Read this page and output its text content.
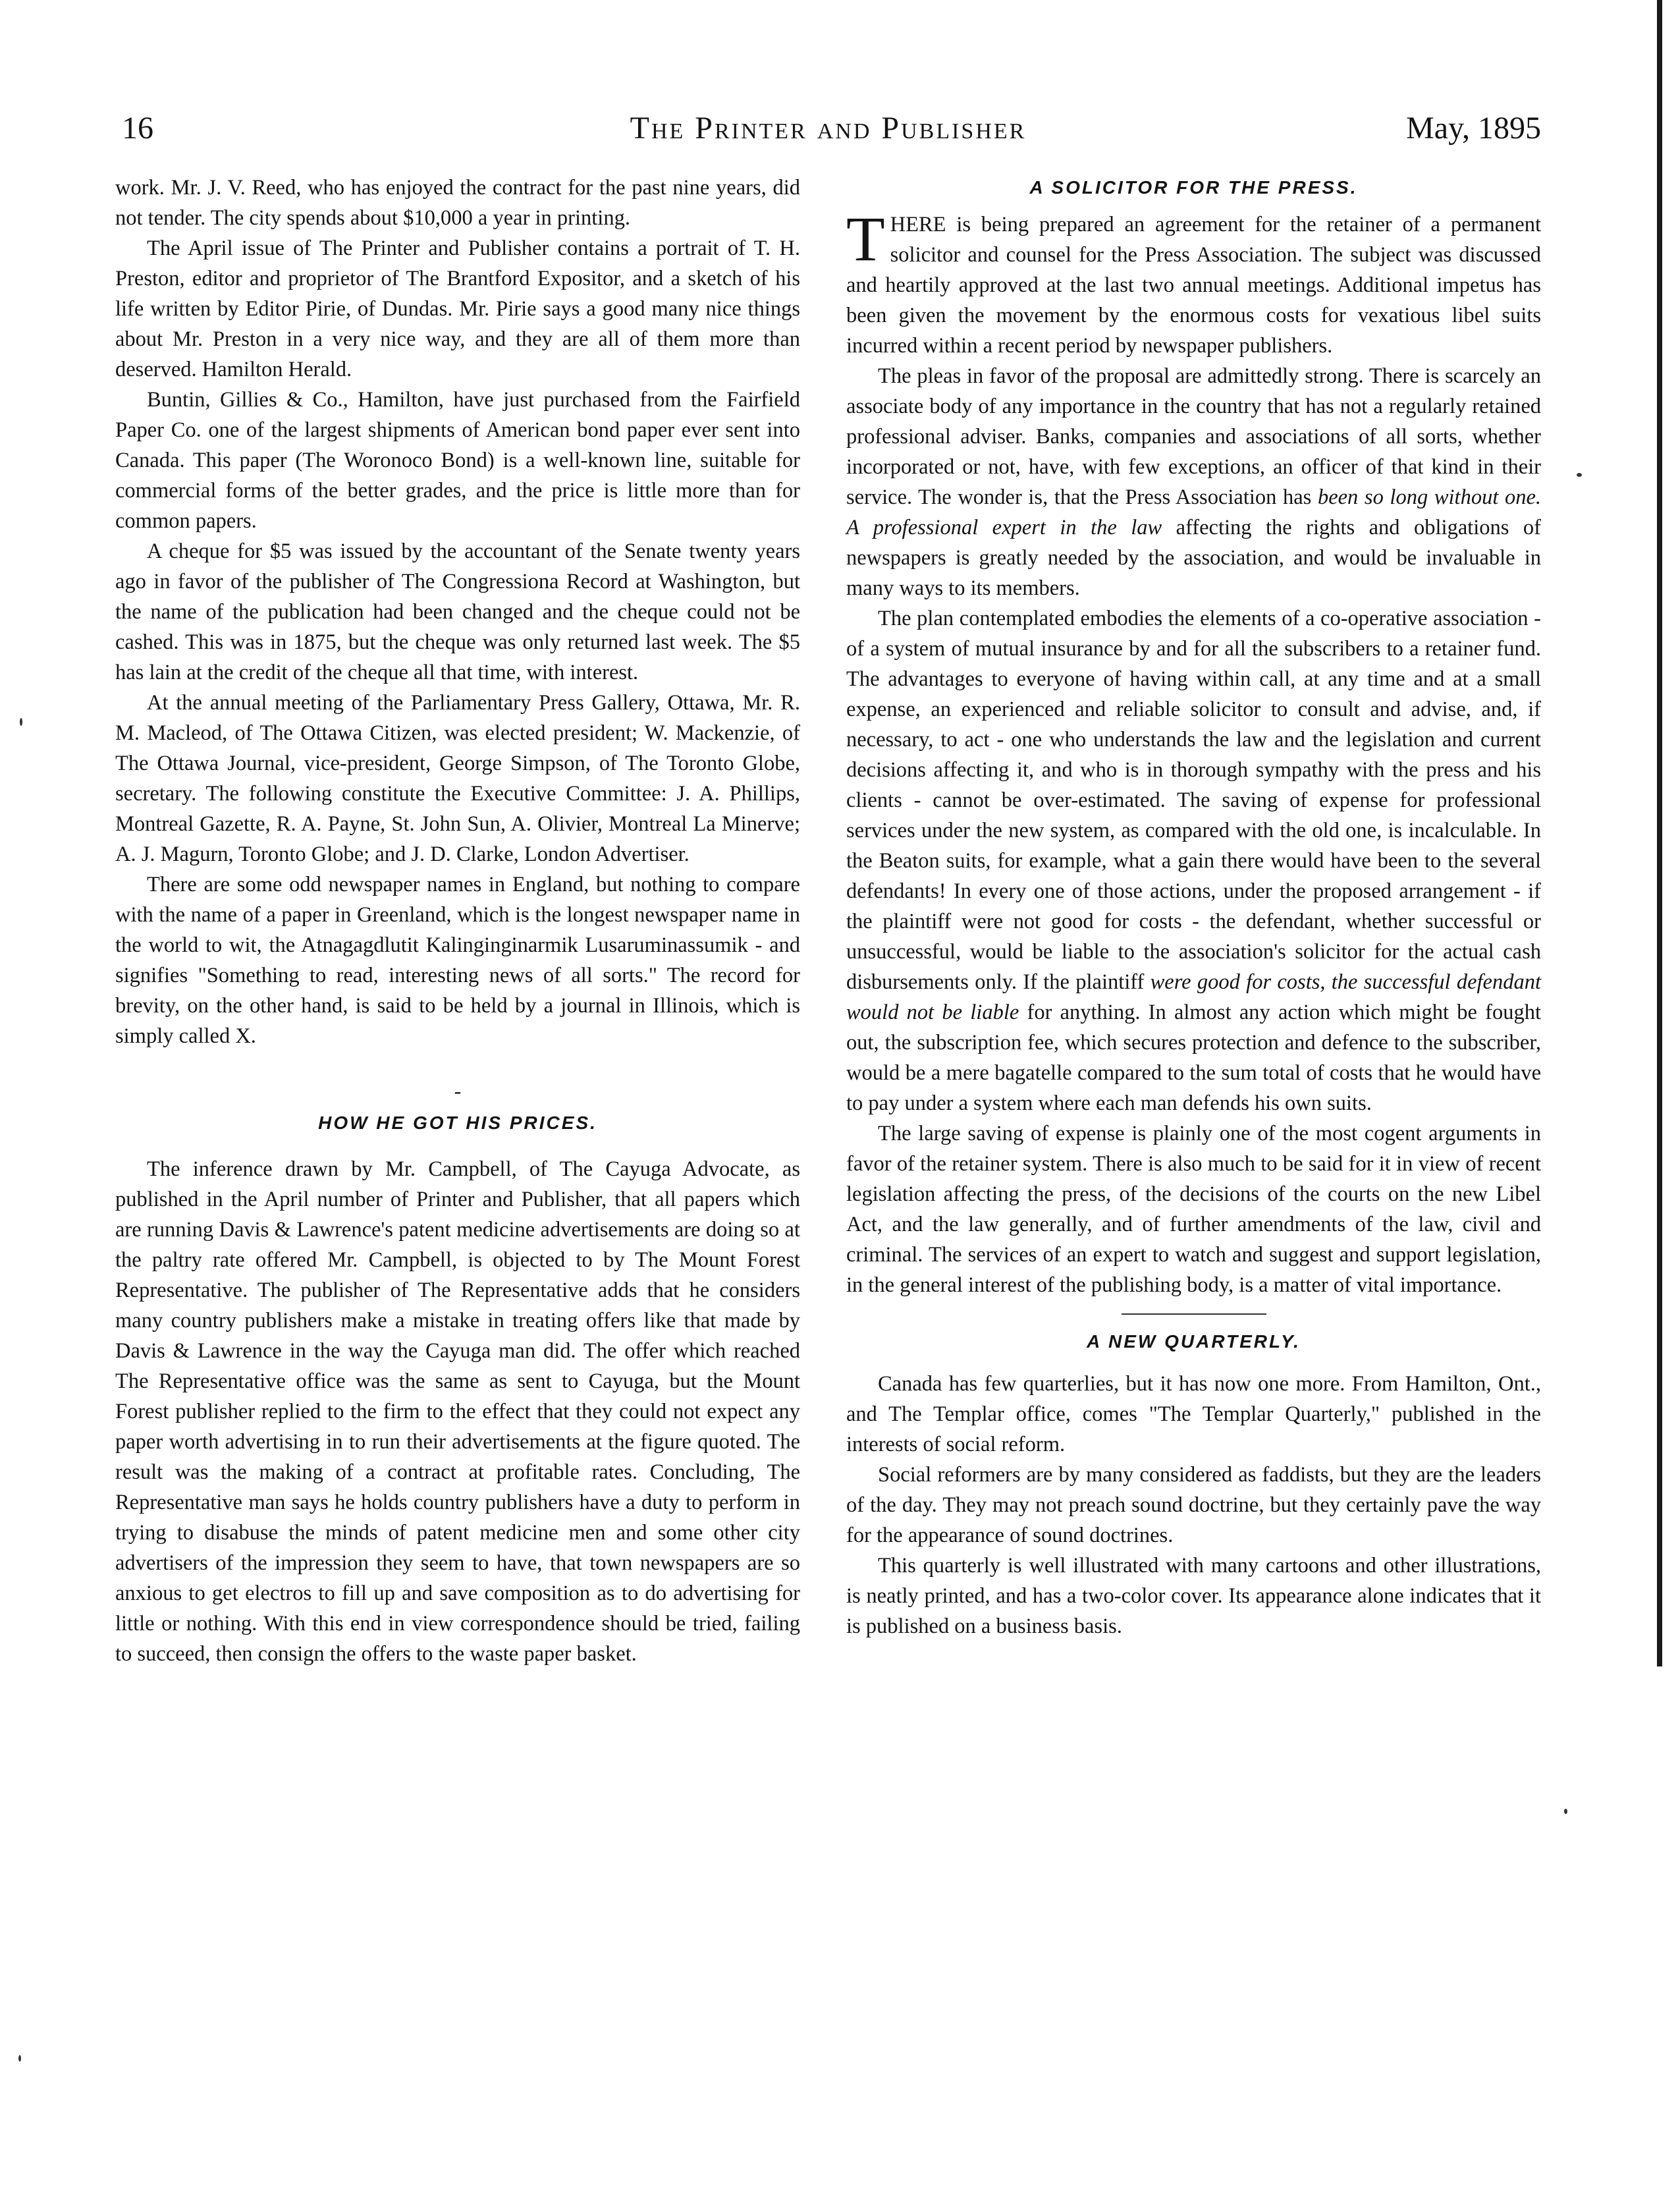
16	The Printer and Publisher	May, 1895

work. Mr. J. V. Reed, who has enjoyed the contract for the past nine years, did not tender. The city spends about $10,000 a year in printing.

The April issue of The Printer and Publisher contains a portrait of T. H. Preston, editor and proprietor of The Brantford Expositor, and a sketch of his life written by Editor Pirie, of Dundas. Mr. Pirie says a good many nice things about Mr. Preston in a very nice way, and they are all of them more than deserved. Hamilton Herald.

Buntin, Gillies & Co., Hamilton, have just purchased from the Fairfield Paper Co. one of the largest shipments of American bond paper ever sent into Canada. This paper (The Woronoco Bond) is a well-known line, suitable for commercial forms of the better grades, and the price is little more than for common papers.

A cheque for $5 was issued by the accountant of the Senate twenty years ago in favor of the publisher of The Congressiona Record at Washington, but the name of the publication had been changed and the cheque could not be cashed. This was in 1875, but the cheque was only returned last week. The $5 has lain at the credit of the cheque all that time, with interest.

At the annual meeting of the Parliamentary Press Gallery, Ottawa, Mr. R. M. Macleod, of The Ottawa Citizen, was elected president; W. Mackenzie, of The Ottawa Journal, vice-president, George Simpson, of The Toronto Globe, secretary. The following constitute the Executive Committee: J. A. Phillips, Montreal Gazette, R. A. Payne, St. John Sun, A. Olivier, Montreal La Minerve; A. J. Magurn, Toronto Globe; and J. D. Clarke, London Advertiser.

There are some odd newspaper names in England, but nothing to compare with the name of a paper in Greenland, which is the longest newspaper name in the world to wit, the Atnagagdlutit Kalinginginarmik Lusaruminassumik - and signifies "Something to read, interesting news of all sorts." The record for brevity, on the other hand, is said to be held by a journal in Illinois, which is simply called X.

-
HOW HE GOT HIS PRICES.

The inference drawn by Mr. Campbell, of The Cayuga Advocate, as published in the April number of Printer and Publisher, that all papers which are running Davis & Lawrence's patent medicine advertisements are doing so at the paltry rate offered Mr. Campbell, is objected to by The Mount Forest Representative. The publisher of The Representative adds that he considers many country publishers make a mistake in treating offers like that made by Davis & Lawrence in the way the Cayuga man did. The offer which reached The Representative office was the same as sent to Cayuga, but the Mount Forest publisher replied to the firm to the effect that they could not expect any paper worth advertising in to run their advertisements at the figure quoted. The result was the making of a contract at profitable rates. Concluding, The Representative man says he holds country publishers have a duty to perform in trying to disabuse the minds of patent medicine men and some other city advertisers of the impression they seem to have, that town newspapers are so anxious to get electros to fill up and save composition as to do advertising for little or nothing. With this end in view correspondence should be tried, failing to succeed, then consign the offers to the waste paper basket.

A SOLICITOR FOR THE PRESS.

THERE is being prepared an agreement for the retainer of a permanent solicitor and counsel for the Press Association. The subject was discussed and heartily approved at the last two annual meetings. Additional impetus has been given the movement by the enormous costs for vexatious libel suits incurred within a recent period by newspaper publishers.

The pleas in favor of the proposal are admittedly strong. There is scarcely an associate body of any importance in the country that has not a regularly retained professional adviser. Banks, companies and associations of all sorts, whether incorporated or not, have, with few exceptions, an officer of that kind in their service. The wonder is, that the Press Association has been so long without one. A professional expert in the law affecting the rights and obligations of newspapers is greatly needed by the association, and would be invaluable in many ways to its members.

The plan contemplated embodies the elements of a co-operative association - of a system of mutual insurance by and for all the subscribers to a retainer fund. The advantages to everyone of having within call, at any time and at a small expense, an experienced and reliable solicitor to consult and advise, and, if necessary, to act - one who understands the law and the legislation and current decisions affecting it, and who is in thorough sympathy with the press and his clients - cannot be over-estimated. The saving of expense for professional services under the new system, as compared with the old one, is incalculable. In the Beaton suits, for example, what a gain there would have been to the several defendants! In every one of those actions, under the proposed arrangement - if the plaintiff were not good for costs - the defendant, whether successful or unsuccessful, would be liable to the association's solicitor for the actual cash disbursements only. If the plaintiff were good for costs, the successful defendant would not be liable for anything. In almost any action which might be fought out, the subscription fee, which secures protection and defence to the subscriber, would be a mere bagatelle compared to the sum total of costs that he would have to pay under a system where each man defends his own suits.

The large saving of expense is plainly one of the most cogent arguments in favor of the retainer system. There is also much to be said for it in view of recent legislation affecting the press, of the decisions of the courts on the new Libel Act, and the law generally, and of further amendments of the law, civil and criminal. The services of an expert to watch and suggest and support legislation, in the general interest of the publishing body, is a matter of vital importance.

A NEW QUARTERLY.

Canada has few quarterlies, but it has now one more. From Hamilton, Ont., and The Templar office, comes "The Templar Quarterly," published in the interests of social reform.

Social reformers are by many considered as faddists, but they are the leaders of the day. They may not preach sound doctrine, but they certainly pave the way for the appearance of sound doctrines.

This quarterly is well illustrated with many cartoons and other illustrations, is neatly printed, and has a two-color cover. Its appearance alone indicates that it is published on a business basis.
